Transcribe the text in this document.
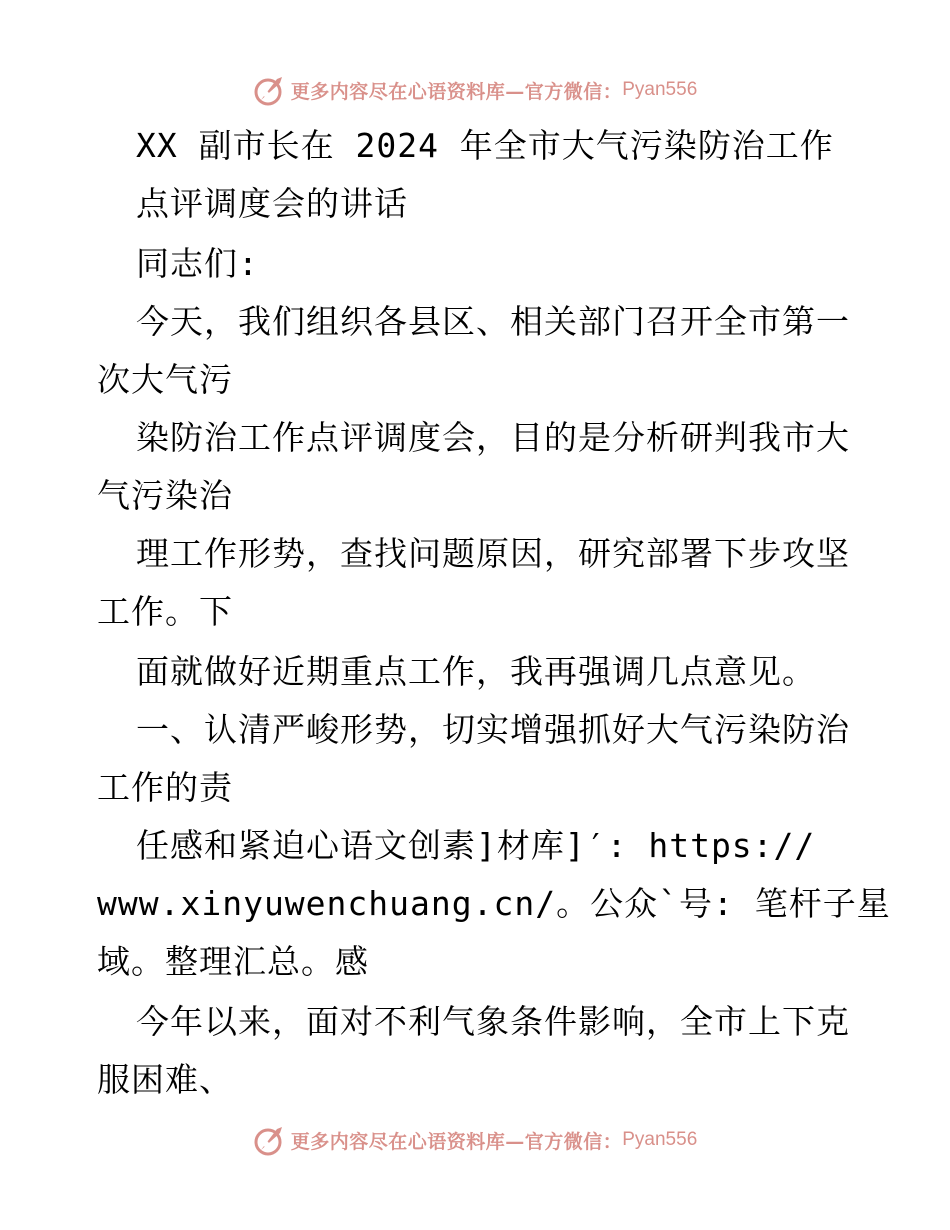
更多内容尽在心语资料库—官方微信： Pyan556
XX 副市长在 2024 年全市大气污染防治工作
点评调度会的讲话
同志们:
今天，我们组织各县区、相关部门召开全市第一
次大气污
染防治工作点评调度会，目的是分析研判我市大
气污染治
理工作形势，查找问题原因，研究部署下步攻坚
工作。下
面就做好近期重点工作，我再强调几点意见。
一、认清严峻形势，切实增强抓好大气污染防治
工作的责
任感和紧迫心语文创素]材库]′: https://
www.xinyuwenchuang.cn/。公众`号: 笔杆子星
域。整理汇总。感
今年以来，面对不利气象条件影响，全市上下克
服困难、
更多内容尽在心语资料库—官方微信： Pyan556
